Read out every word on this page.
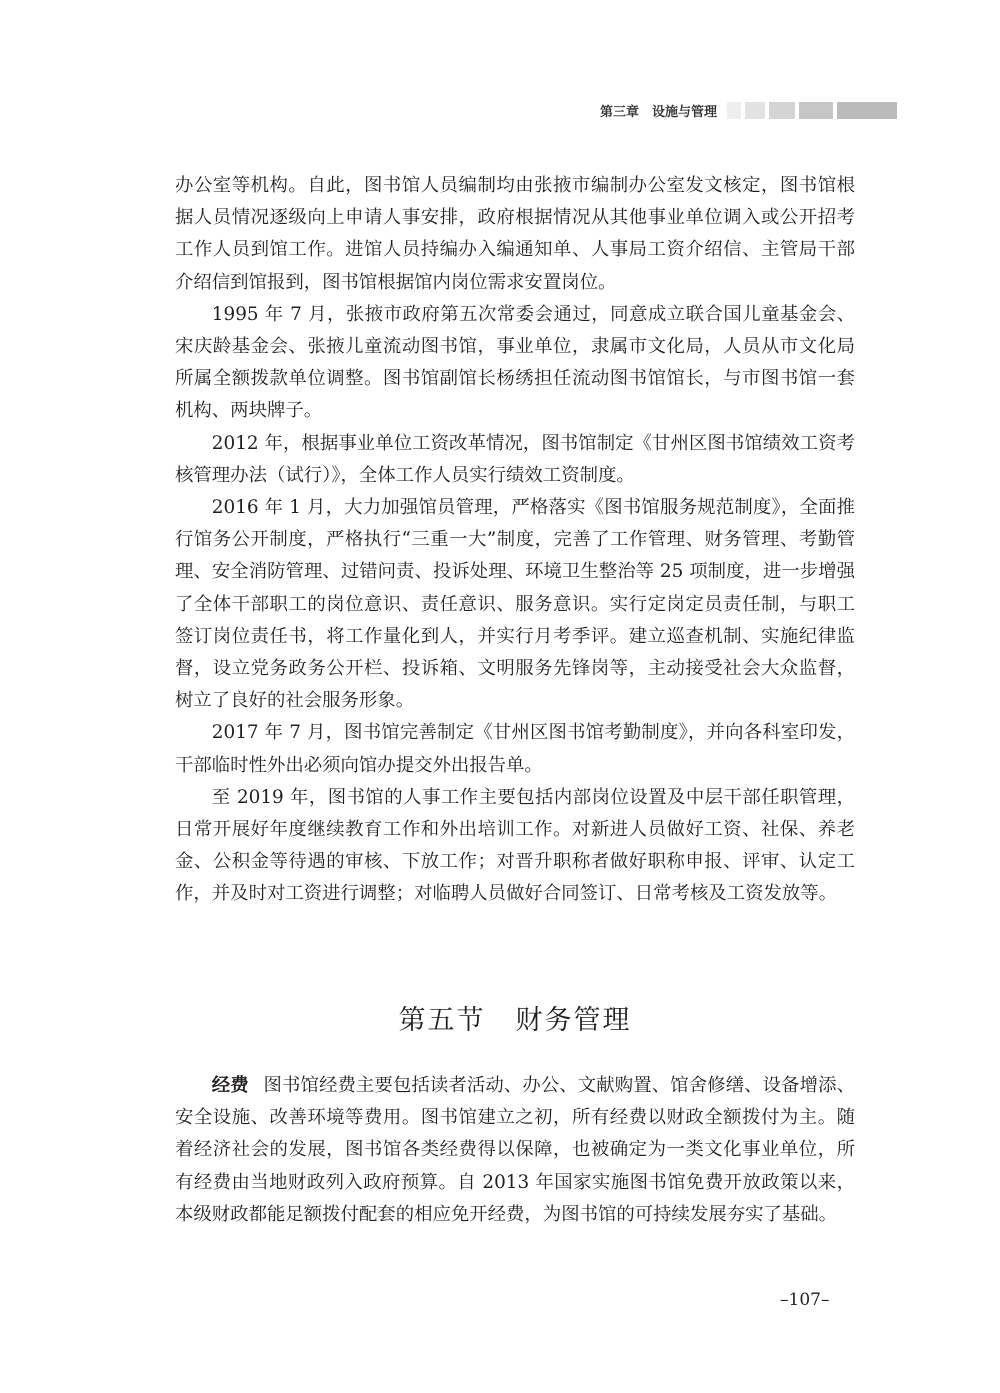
第三章　设施与管理

办公室等机构。自此，图书馆人员编制均由张掖市编制办公室发文核定，图书馆根据人员情况逐级向上申请人事安排，政府根据情况从其他事业单位调入或公开招考工作人员到馆工作。进馆人员持编办入编通知单、人事局工资介绍信、主管局干部介绍信到馆报到，图书馆根据馆内岗位需求安置岗位。

1995 年 7 月，张掖市政府第五次常委会通过，同意成立联合国儿童基金会、宋庆龄基金会、张掖儿童流动图书馆，事业单位，隶属市文化局，人员从市文化局所属全额拨款单位调整。图书馆副馆长杨绣担任流动图书馆馆长，与市图书馆一套机构、两块牌子。

2012 年，根据事业单位工资改革情况，图书馆制定《甘州区图书馆绩效工资考核管理办法（试行）》，全体工作人员实行绩效工资制度。

2016 年 1 月，大力加强馆员管理，严格落实《图书馆服务规范制度》，全面推行馆务公开制度，严格执行“三重一大”制度，完善了工作管理、财务管理、考勤管理、安全消防管理、过错问责、投诉处理、环境卫生整治等 25 项制度，进一步增强了全体干部职工的岗位意识、责任意识、服务意识。实行定岗定员责任制，与职工签订岗位责任书，将工作量化到人，并实行月考季评。建立巡查机制、实施纪律监督，设立党务政务公开栏、投诉箱、文明服务先锋岗等，主动接受社会大众监督，树立了良好的社会服务形象。

2017 年 7 月，图书馆完善制定《甘州区图书馆考勤制度》，并向各科室印发，干部临时性外出必须向馆办提交外出报告单。

至 2019 年，图书馆的人事工作主要包括内部岗位设置及中层干部任职管理，日常开展好年度继续教育工作和外出培训工作。对新进人员做好工资、社保、养老金、公积金等待遇的审核、下放工作；对晋升职称者做好职称申报、评审、认定工作，并及时对工资进行调整；对临聘人员做好合同签订、日常考核及工资发放等。

第五节 财务管理

经费 图书馆经费主要包括读者活动、办公、文献购置、馆舍修缮、设备增添、安全设施、改善环境等费用。图书馆建立之初，所有经费以财政全额拨付为主。随着经济社会的发展，图书馆各类经费得以保障，也被确定为一类文化事业单位，所有经费由当地财政列入政府预算。自 2013 年国家实施图书馆免费开放政策以来，本级财政都能足额拨付配套的相应免开经费，为图书馆的可持续发展夯实了基础。

–107–
